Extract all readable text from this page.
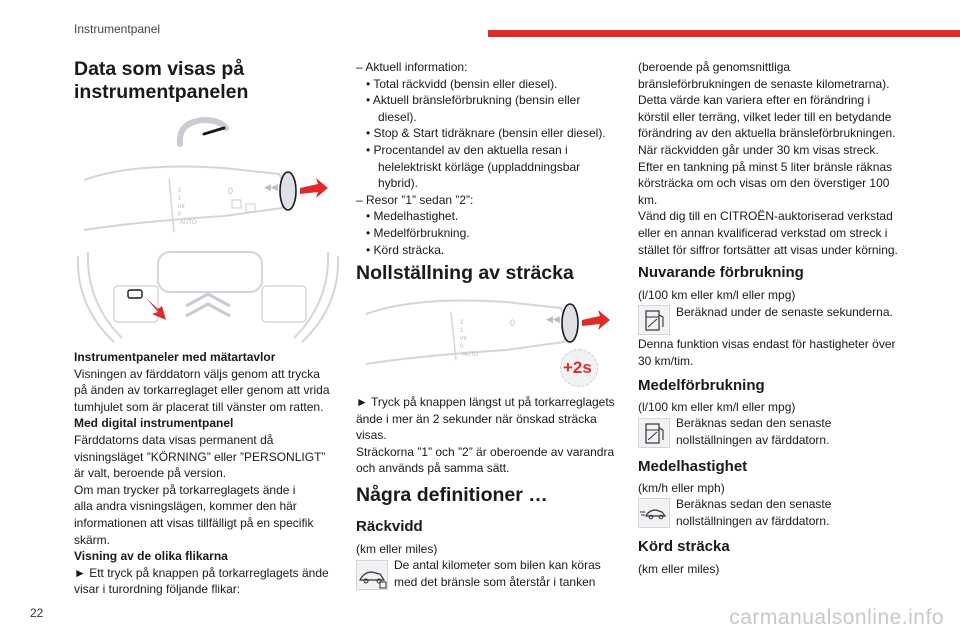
Instrumentpanel
22	carmanualsonline.info
Data som visas på
instrumentpanelen
2
1
Int
0
AUTO
0	◀◀
Instrumentpaneler med mätartavlor
Visningen av färddatorn väljs genom att trycka
på änden av torkarreglaget eller genom att vrida
tumhjulet som är placerat till vänster om ratten.
Med digital instrumentpanel
Färddatorns data visas permanent då
visningsläget ”KÖRNING” eller ”PERSONLIGT”
är valt, beroende på version.
Om man trycker på torkarreglagets ände i
alla andra visningslägen, kommer den här
informationen att visas tillfälligt på en specifik
skärm.
Visning av de olika flikarna
► Ett tryck på knappen på torkarreglagets ände
visar i turordning följande flikar:
– Aktuell information:
• Total räckvidd (bensin eller diesel).
• Aktuell bränsleförbrukning (bensin eller
diesel).
• Stop & Start tidräknare (bensin eller diesel).
• Procentandel av den aktuella resan i
helelektriskt körläge (uppladdningsbar
hybrid).
– Resor ”1” sedan ”2”:
• Medelhastighet.
• Medelförbrukning.
• Körd sträcka.
Nollställning av sträcka
2
1
Int
0
AUTO
0	◀◀
+2s
► Tryck på knappen längst ut på torkarreglagets
ände i mer än 2 sekunder när önskad sträcka
visas.
Sträckorna ”1” och ”2” är oberoende av varandra
och används på samma sätt.
Några definitioner …
Räckvidd
(km eller miles)
De antal kilometer som bilen kan köras
med det bränsle som återstår i tanken
(beroende på genomsnittliga
bränsleförbrukningen de senaste kilometrarna).
Detta värde kan variera efter en förändring i
körstil eller terräng, vilket leder till en betydande
förändring av den aktuella bränsleförbrukningen.
När räckvidden går under 30 km visas streck.
Efter en tankning på minst 5 liter bränsle räknas
körsträcka om och visas om den överstiger 100
km.
Vänd dig till en CITROËN-auktoriserad verkstad
eller en annan kvalificerad verkstad om streck i
stället för siffror fortsätter att visas under körning.
Nuvarande förbrukning
(l/100 km eller km/l eller mpg)
Beräknad under de senaste sekunderna.
Denna funktion visas endast för hastigheter över
30 km/tim.
Medelförbrukning
(l/100 km eller km/l eller mpg)
Beräknas sedan den senaste
nollställningen av färddatorn.
Medelhastighet
(km/h eller mph)
Beräknas sedan den senaste
nollställningen av färddatorn.
Körd sträcka
(km eller miles)
